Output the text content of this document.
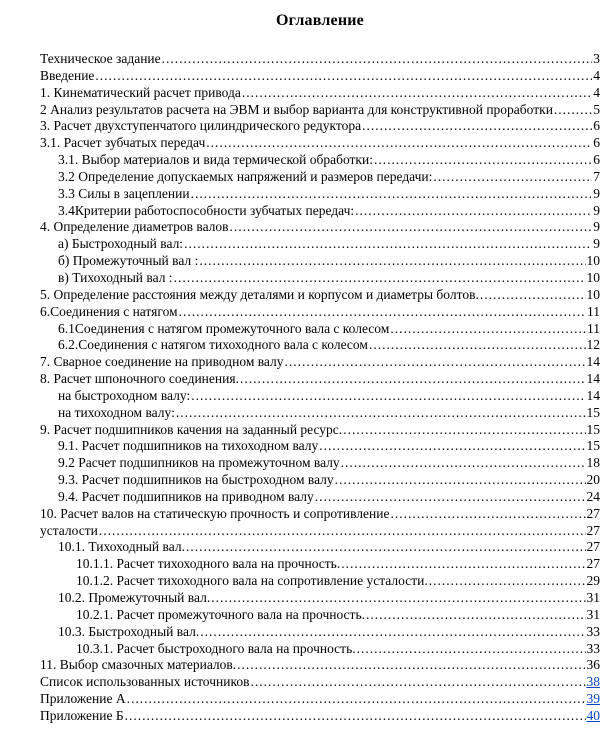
Оглавление
Техническое задание .....	3
Введение .....	4
1. Кинематический расчет привода .....	4
2 Анализ результатов расчета на ЭВМ и выбор варианта для конструктивной проработки .....	5
3. Расчет двухступенчатого цилиндрического редуктора .....	6
3.1. Расчет зубчатых передач .....	6
3.1. Выбор материалов и вида термической обработки: .....	6
3.2 Определение допускаемых напряжений и размеров передачи: .....	7
3.3 Силы в зацеплении .....	9
3.4Критерии работоспособности зубчатых передач: .....	9
4. Определение диаметров валов .....	9
а) Быстроходный вал: .....	9
б) Промежуточный вал : .....	10
в) Тихоходный вал : .....	10
5. Определение расстояния между деталями и корпусом и диаметры болтов. .....	10
6.Соединения с натягом .....	11
6.1Соединения с натягом промежуточного вала с колесом .....	11
6.2.Соединения с натягом тихоходного вала с колесом .....	12
7. Сварное соединение на приводном валу .....	14
8. Расчет шпоночного соединения. .....	14
на быстроходном валу: .....	14
на тихоходном валу: .....	15
9. Расчет подшипников качения на заданный ресурс. .....	15
9.1. Расчет подшипников на тихоходном валу .....	15
9.2 Расчет подшипников на промежуточном валу .....	18
9.3. Расчет подшипников на быстроходном валу .....	20
9.4. Расчет подшипников на приводном валу .....	24
10. Расчет валов на статическую прочность и сопротивление .....	27
усталости .....	27
10.1. Тихоходный вал. .....	27
10.1.1. Расчет тихоходного вала на прочность. .....	27
10.1.2. Расчет тихоходного вала на сопротивление усталости. .....	29
10.2. Промежуточный вал. .....	31
10.2.1. Расчет промежуточного вала на прочность. .....	31
10.3. Быстроходный вал. .....	33
10.3.1. Расчет быстроходного вала на прочность. .....	33
11. Выбор смазочных материалов. .....	36
Список использованных источников .....	38
Приложение А .....	39
Приложение Б .....	40
